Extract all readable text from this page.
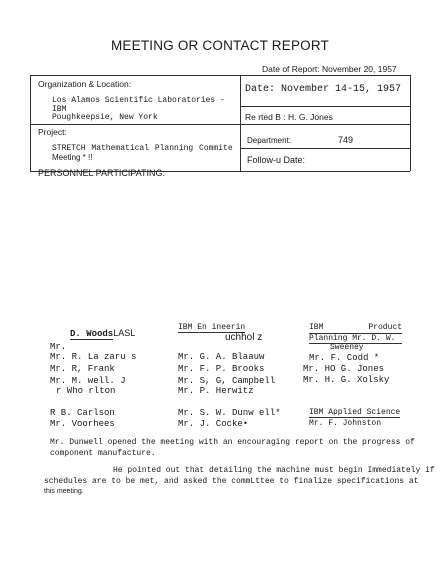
MEETING OR CONTACT REPORT
Date of Report: November 20, 1957
Organization & Location:
Los Alamos Scientific Laboratories -
IBM
Poughkeepsie, New York
Date: November 14-15, 1957
Re rted B : H. G. Jones
Project:
STRETCH Mathematical Planning Commite
Meeting * !!
Department:	749
Follow-u Date:
PERSONNEL PARTICIPATING:
D. WoodsLASL
Mr.
Mr. R. La zaru s
Mr. R, Frank
Mr. M. well. J
r Who rlton
R B. Carlson
Mr. Voorhees
IBM En ineerin
uchhol z
Mr. G. A. Blaauw
Mr. F. P. Brooks
Mr. S, G, Campbell
Mr. P. Herwitz
Mr. S. W. Dunw ell*
Mr. J. Cocke•
IBM	Product
Planning Mr. D. W.
Sweeney
Mr. F. Codd *
Mr. HO G. Jones
Mr. H. G. Xolsky
IBM Applied Science
Mr. F. Johnston
Mr. Dunwell opened the meeting with an encouraging report on the progress of
component manufacture.
He pointed out that detailing the machine must begin Immediately if
schedules are to be met, and asked the commLttee to finalize specifications at
this meeting.
